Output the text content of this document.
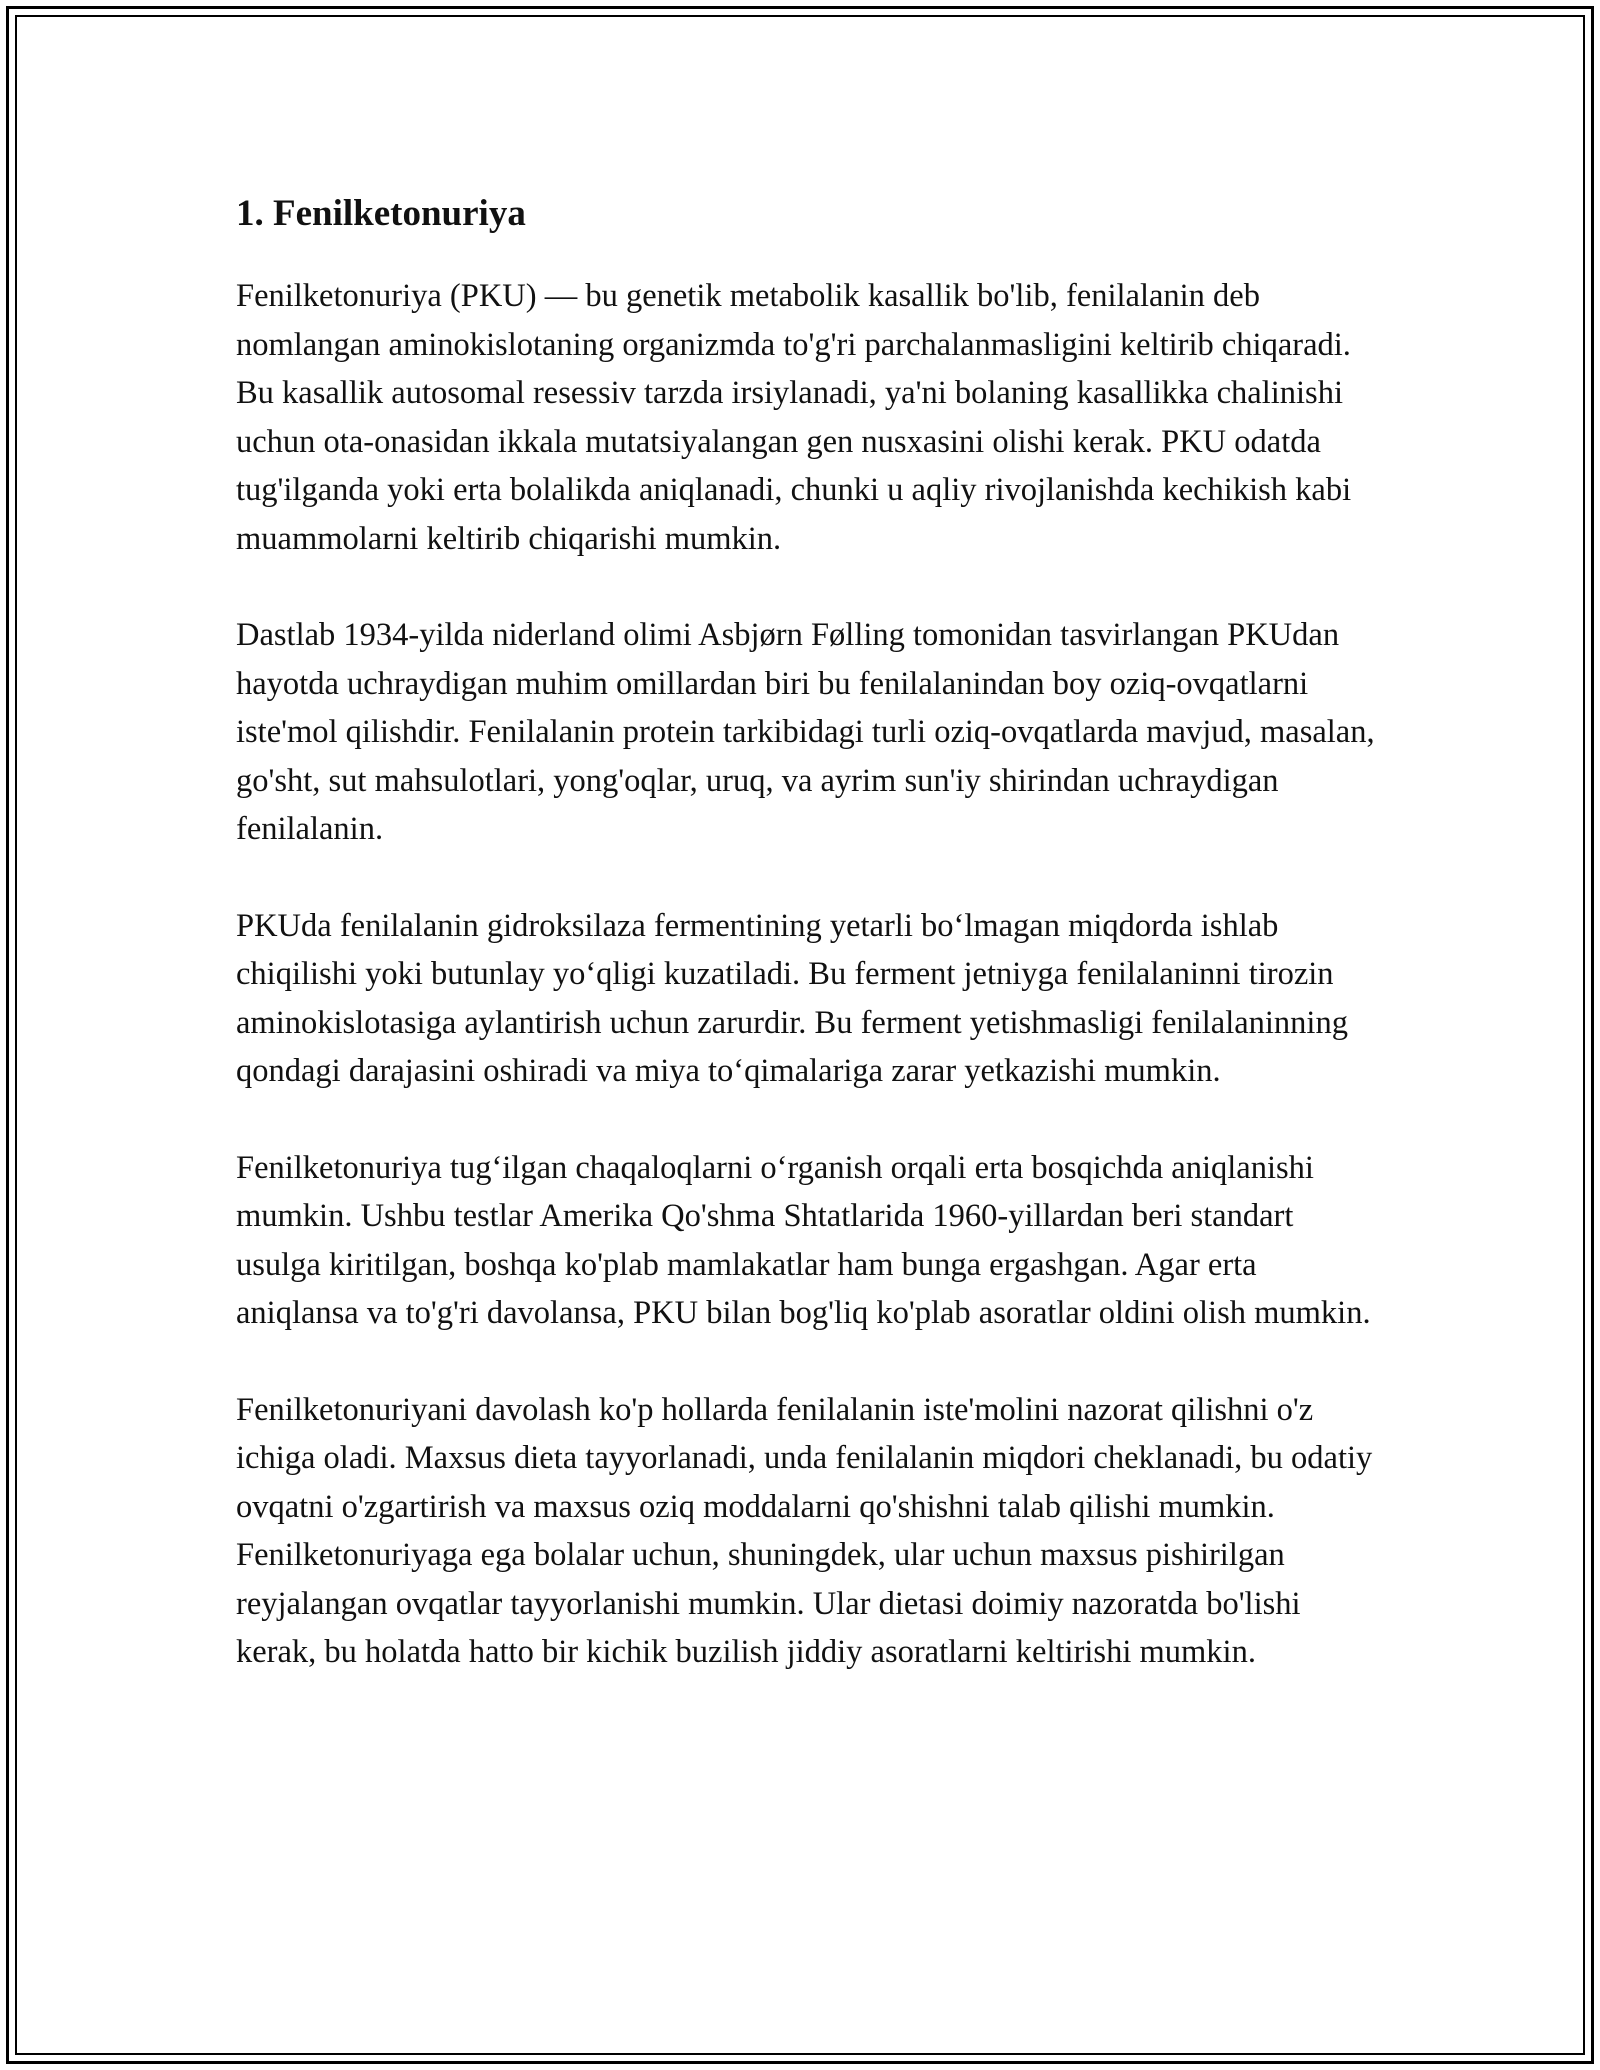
1. Fenilketonuriya

Fenilketonuriya (PKU) — bu genetik metabolik kasallik bo'lib, fenilalanin deb nomlangan aminokislotaning organizmda to'g'ri parchalanmasligini keltirib chiqaradi. Bu kasallik autosomal resessiv tarzda irsiylanadi, ya'ni bolaning kasallikka chalinishi uchun ota-onasidan ikkala mutatsiyalangan gen nusxasini olishi kerak. PKU odatda tug'ilganda yoki erta bolalikda aniqlanadi, chunki u aqliy rivojlanishda kechikish kabi muammolarni keltirib chiqarishi mumkin.

Dastlab 1934-yilda niderland olimi Asbjørn Følling tomonidan tasvirlangan PKUdan hayotda uchraydigan muhim omillardan biri bu fenilalanindan boy oziq-ovqatlarni iste'mol qilishdir. Fenilalanin protein tarkibidagi turli oziq-ovqatlarda mavjud, masalan, go'sht, sut mahsulotlari, yong'oqlar, uruq, va ayrim sun'iy shirindan uchraydigan fenilalanin.

PKUda fenilalanin gidroksilaza fermentining yetarli bo‘lmagan miqdorda ishlab chiqilishi yoki butunlay yo‘qligi kuzatiladi. Bu ferment jetniyga fenilalaninni tirozin aminokislotasiga aylantirish uchun zarurdir. Bu ferment yetishmasligi fenilalaninning qondagi darajasini oshiradi va miya to‘qimalariga zarar yetkazishi mumkin.

Fenilketonuriya tug‘ilgan chaqaloqlarni o‘rganish orqali erta bosqichda aniqlanishi mumkin. Ushbu testlar Amerika Qo'shma Shtatlarida 1960-yillardan beri standart usulga kiritilgan, boshqa ko'plab mamlakatlar ham bunga ergashgan. Agar erta aniqlansa va to'g'ri davolansa, PKU bilan bog'liq ko'plab asoratlar oldini olish mumkin.

Fenilketonuriyani davolash ko'p hollarda fenilalanin iste'molini nazorat qilishni o'z ichiga oladi. Maxsus dieta tayyorlanadi, unda fenilalanin miqdori cheklanadi, bu odatiy ovqatni o'zgartirish va maxsus oziq moddalarni qo'shishni talab qilishi mumkin. Fenilketonuriyaga ega bolalar uchun, shuningdek, ular uchun maxsus pishirilgan reyjalangan ovqatlar tayyorlanishi mumkin. Ular dietasi doimiy nazoratda bo'lishi kerak, bu holatda hatto bir kichik buzilish jiddiy asoratlarni keltirishi mumkin.
